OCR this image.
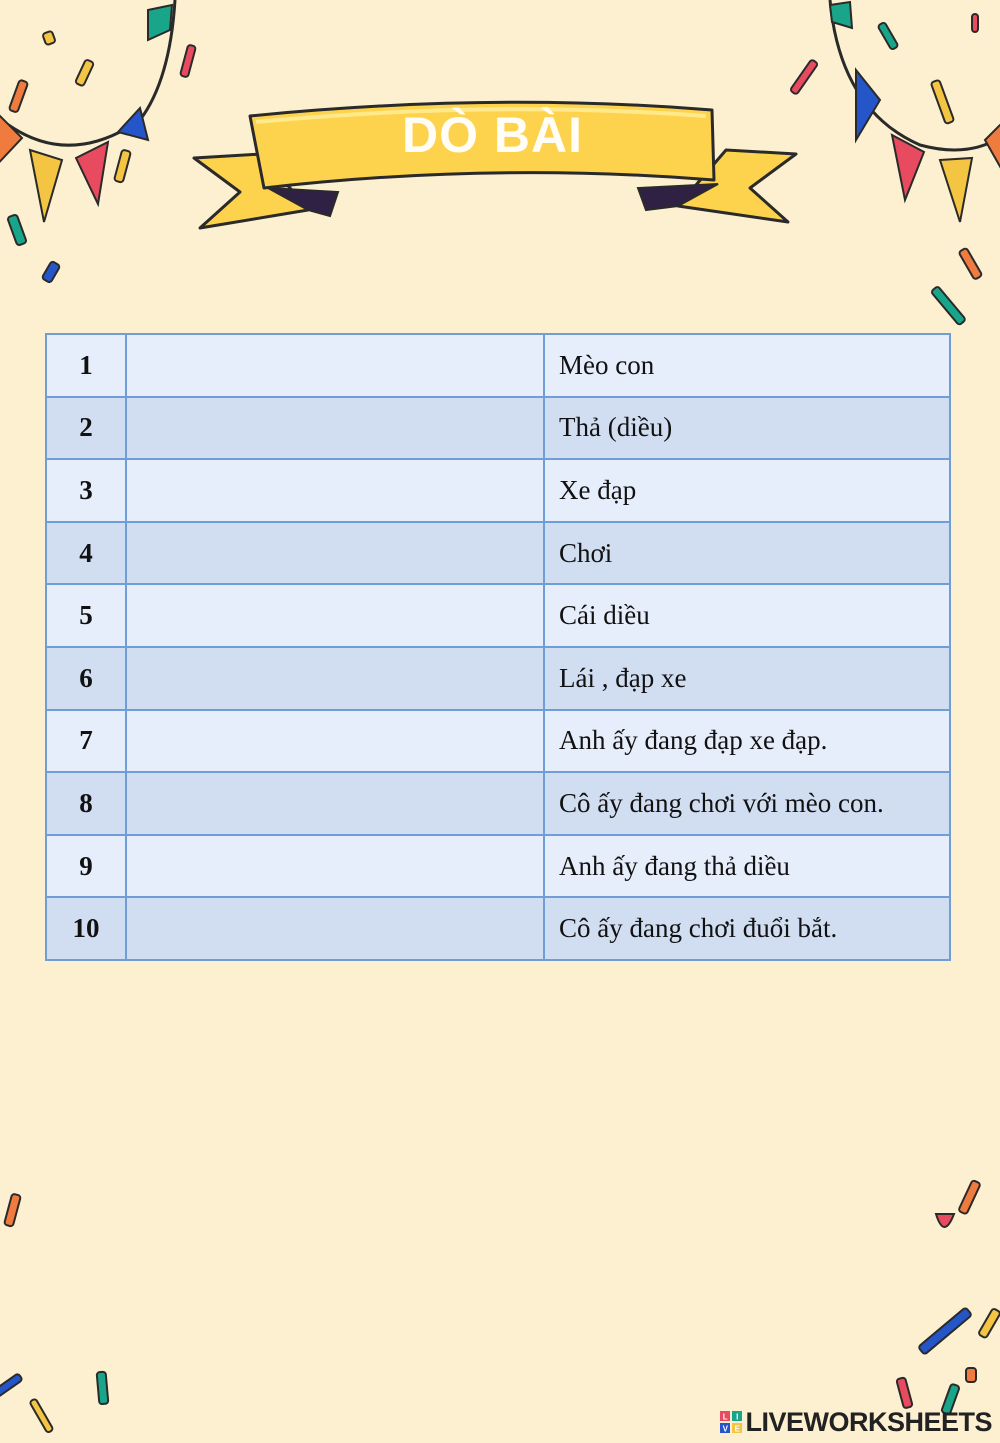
DÒ BÀI
1		Mèo con
2		Thả (diều)
3		Xe đạp
4		Chơi
5		Cái diều
6		Lái , đạp xe
7		Anh ấy đang đạp xe đạp.
8		Cô ấy đang chơi với mèo con.
9		Anh ấy đang thả diều
10		Cô ấy đang chơi đuổi bắt.
L I
V E LIVEWORKSHEETS
